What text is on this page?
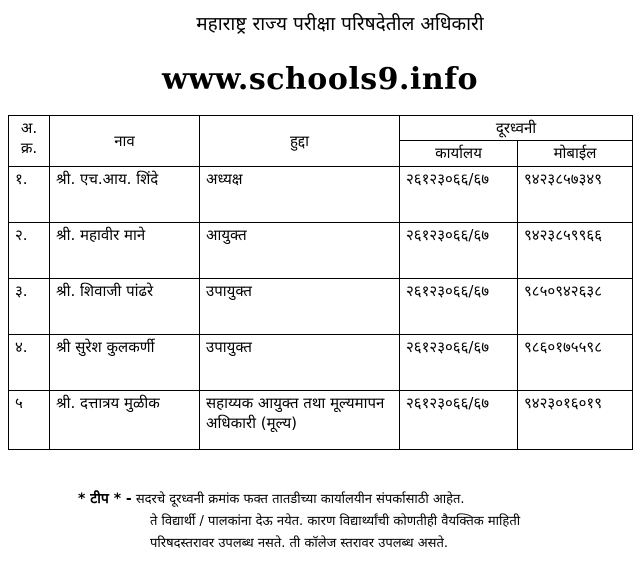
महाराष्ट्र राज्य परीक्षा परिषदेतील अधिकारी
www.schools9.info
अ. क्र.	नाव	हुद्दा	दूरध्वनी	
			कार्यालय	मोबाईल
१.	श्री. एच.आय. शिंदे	अध्यक्ष	२६१२३०६६/६७	९४२३८५७३४९
२.	श्री. महावीर माने	आयुक्त	२६१२३०६६/६७	९४२३८५९९६६
३.	श्री. शिवाजी पांढरे	उपायुक्त	२६१२३०६६/६७	९८५०९४२६३८
४.	श्री सुरेश कुलकर्णी	उपायुक्त	२६१२३०६६/६७	९८६०१७५५९८
५	श्री. दत्तात्रय मुळीक	सहाय्यक आयुक्त तथा मूल्यमापन अधिकारी (मूल्य)	२६१२३०६६/६७	९४२३०१६०१९
* टीप * - सदरचे दूरध्वनी क्रमांक फक्त तातडीच्या कार्यालयीन संपर्कासाठी आहेत.
ते विद्यार्थी / पालकांना देऊ नयेत. कारण विद्यार्थ्यांची कोणतीही वैयक्तिक माहिती
परिषदस्तरावर उपलब्ध नसते. ती कॉलेज स्तरावर उपलब्ध असते.
